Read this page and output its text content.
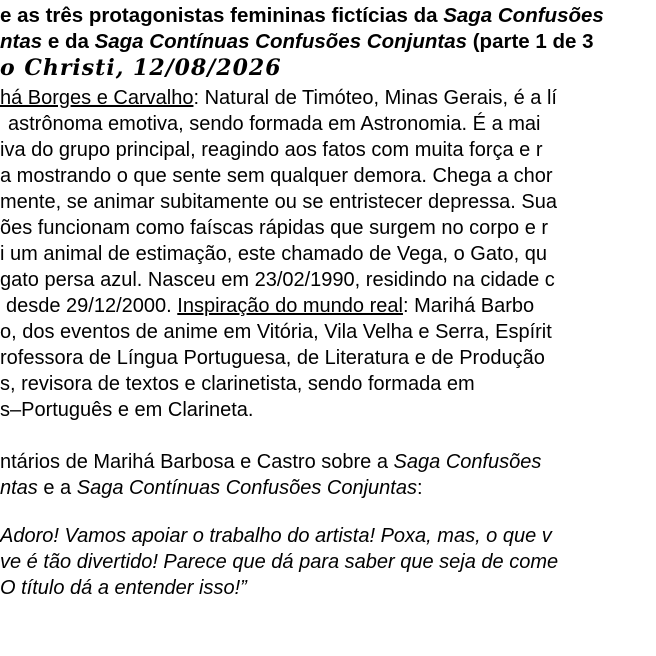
e as três protagonistas femininas fictícias da Saga Confusões
ntas e da Saga Contínuas Confusões Conjuntas (parte 1 de 3
o Christi, 12/08/2026
há Borges e Carvalho: Natural de Timóteo, Minas Gerais, é a lí
astrônoma emotiva, sendo formada em Astronomia. É a mai
iva do grupo principal, reagindo aos fatos com muita força e r
a mostrando o que sente sem qualquer demora. Chega a chor
mente, se animar subitamente ou se entristecer depressa. Sua
ões funcionam como faíscas rápidas que surgem no corpo e r
i um animal de estimação, este chamado de Vega, o Gato, qu
gato persa azul. Nasceu em 23/02/1990, residindo na cidade c
desde 29/12/2000. Inspiração do mundo real: Marihá Barbo
o, dos eventos de anime em Vitória, Vila Velha e Serra, Espírit
rofessora de Língua Portuguesa, de Literatura e de Produção
s, revisora de textos e clarinetista, sendo formada em
s–Português e em Clarineta.
ntários de Marihá Barbosa e Castro sobre a Saga Confusões
ntas e a Saga Contínuas Confusões Conjuntas:
Adoro! Vamos apoiar o trabalho do artista! Poxa, mas, o que v
ve é tão divertido! Parece que dá para saber que seja de come
O título dá a entender isso!”
